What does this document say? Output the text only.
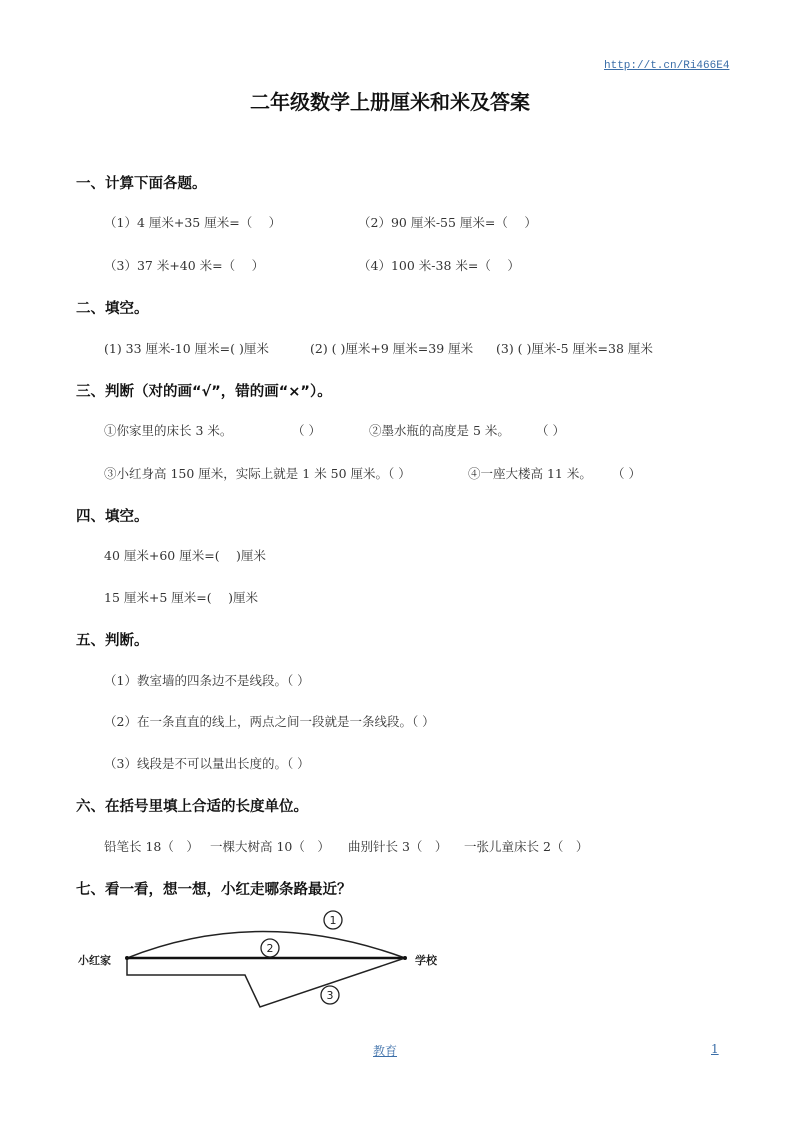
http://t.cn/Ri466E4
二年级数学上册厘米和米及答案
一、计算下面各题。
（1）4 厘米+35 厘米=（　 ）	（2）90 厘米-55 厘米=（　 ）
（3）37 米+40 米=（　 ）	（4）100 米-38 米=（　 ）
二、填空。
(1) 33 厘米-10 厘米=( )厘米	(2) ( )厘米+9 厘米=39 厘米 (3) ( )厘米-5 厘米=38 厘米
三、判断（对的画“√”，错的画“×”）。
①你家里的床长 3 米。	（ ）	②墨水瓶的高度是 5 米。 （ ）
③小红身高 150 厘米，实际上就是 1 米 50 厘米。（ ）	④一座大楼高 11 米。 （ ）
四、填空。
40 厘米+60 厘米=(　 )厘米
15 厘米+5 厘米=(　 )厘米
五、判断。
（1）教室墙的四条边不是线段。（ ）
（2）在一条直直的线上，两点之间一段就是一条线段。（ ）
（3）线段是不可以量出长度的。（ ）
六、在括号里填上合适的长度单位。
铅笔长 18（　） 一棵大树高 10（　） 曲别针长 3（　） 一张儿童床长 2（　）
七、看一看，想一想，小红走哪条路最近？
1
2
3
小红家	学校
教育	1
